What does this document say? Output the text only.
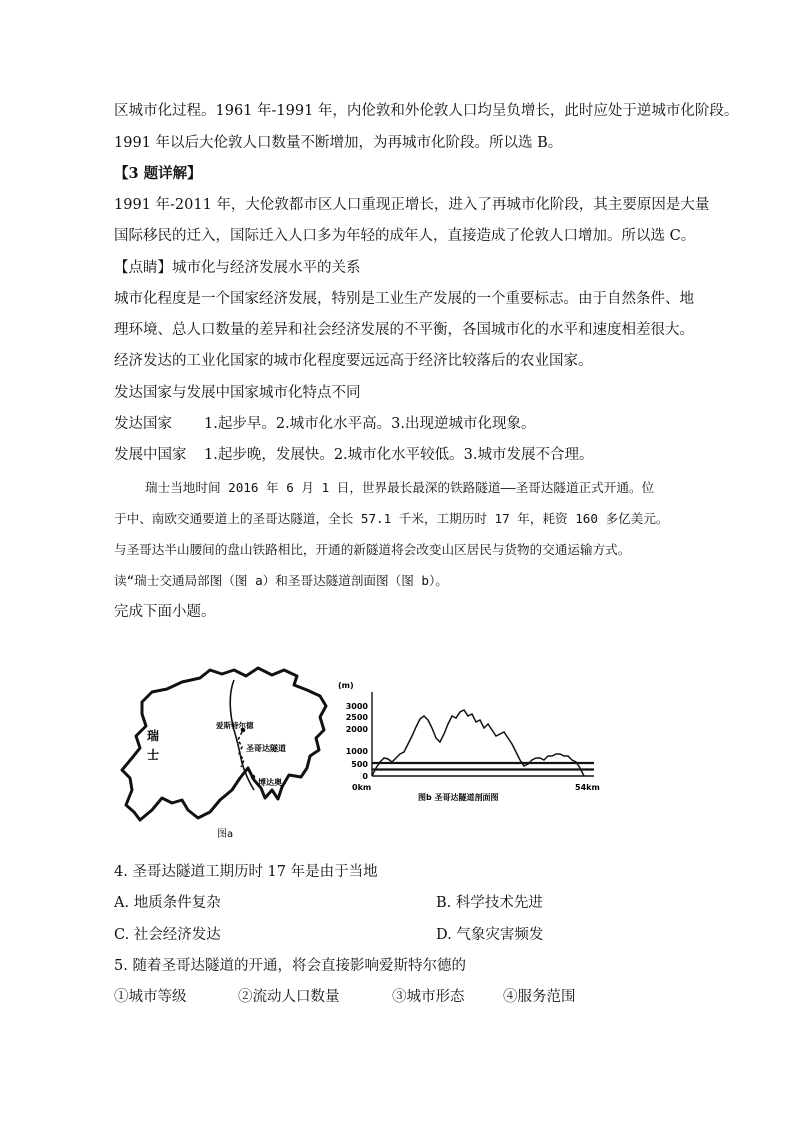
区城市化过程。1961 年-1991 年，内伦敦和外伦敦人口均呈负增长，此时应处于逆城市化阶段。
1991 年以后大伦敦人口数量不断增加，为再城市化阶段。所以选 B。
【3 题详解】
1991 年-2011 年，大伦敦都市区人口重现正增长，进入了再城市化阶段，其主要原因是大量
国际移民的迁入，国际迁入人口多为年轻的成年人，直接造成了伦敦人口增加。所以选 C。
【点睛】城市化与经济发展水平的关系
城市化程度是一个国家经济发展，特别是工业生产发展的一个重要标志。由于自然条件、地
理环境、总人口数量的差异和社会经济发展的不平衡，各国城市化的水平和速度相差很大。
经济发达的工业化国家的城市化程度要远远高于经济比较落后的农业国家。
发达国家与发展中国家城市化特点不同
发达国家 1.起步早。2.城市化水平高。3.出现逆城市化现象。
发展中国家 1.起步晚，发展快。2.城市化水平较低。3.城市发展不合理。
瑞士当地时间 2016 年 6 月 1 日，世界最长最深的铁路隧道——圣哥达隧道正式开通。位
于中、南欧交通要道上的圣哥达隧道，全长 57.1 千米，工期历时 17 年，耗资 160 多亿美元。
与圣哥达半山腰间的盘山铁路相比，开通的新隧道将会改变山区居民与货物的交通运输方式。
读“瑞士交通局部图（图 a）和圣哥达隧道剖面图（图 b）。
完成下面小题。
瑞
士
爱斯特尔德
圣哥达隧道
博达奥
图a
(m)
3000
2500
2000
1000
500
0
0km	54km
图b 圣哥达隧道剖面图
4. 圣哥达隧道工期历时 17 年是由于当地
A. 地质条件复杂	B. 科学技术先进
C. 社会经济发达	D. 气象灾害频发
5. 随着圣哥达隧道的开通，将会直接影响爱斯特尔德的
①城市等级	②流动人口数量	③城市形态	④服务范围
